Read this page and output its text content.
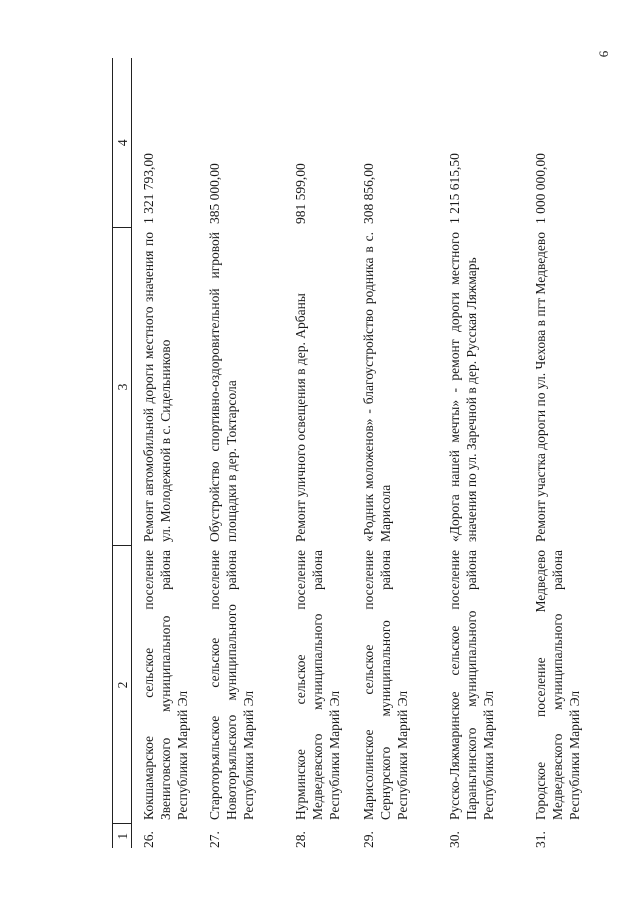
6
1	2	3	4
26.	Кокшамарское сельское поселение Звениговского муниципального района Республики Марий Эл	Ремонт автомобильной дороги местного значения по ул. Молодежной в с. Сидельниково	1 321 793,00
27.	Староторъяльское сельское поселение Новоторъяльского муниципального района Республики Марий Эл	Обустройство спортивно-оздоровительной игровой площадки в дер. Токтарсола	385 000,00
28.	Нурминское сельское поселение Медведевского муниципального района Республики Марий Эл	Ремонт уличного освещения в дер. Арбаны	981 599,00
29.	Марисолинское сельское поселение Сернурского муниципального района Республики Марий Эл	«Родник моложенов» - благоустройство родника в с. Марисола	308 856,00
30.	Русско-Ляжмаринское сельское поселение Параньгинского муниципального района Республики Марий Эл	«Дорога нашей мечты» - ремонт дороги местного значения по ул. Заречной в дер. Русская Ляжмарь	1 215 615,50
31.	Городское поселение Медведево Медведевского муниципального района Республики Марий Эл	Ремонт участка дороги по ул. Чехова в пгт Медведево	1 000 000,00
